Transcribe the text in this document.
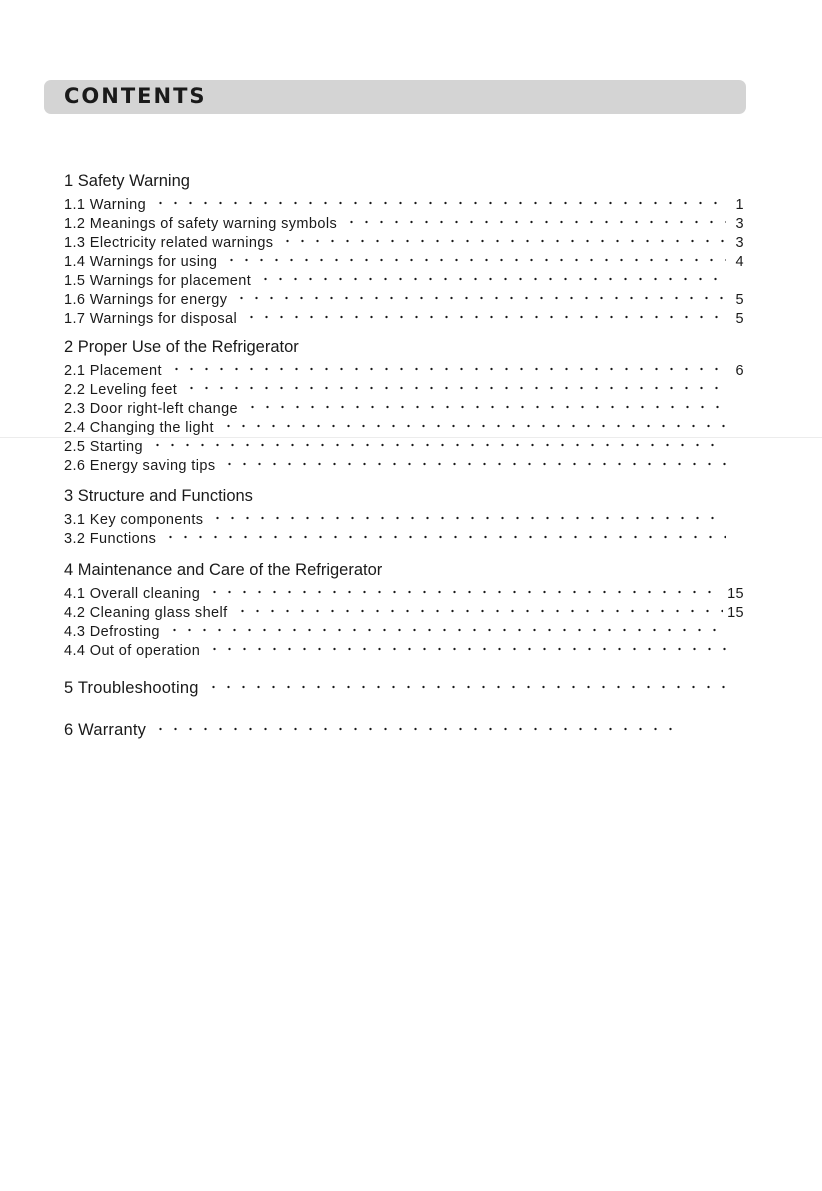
CONTENTS
1 Safety Warning
1.1 Warning	1
1.2 Meanings of safety warning symbols	3
1.3 Electricity related warnings	3
1.4 Warnings for using	4
1.5 Warnings for placement
1.6 Warnings for energy	5
1.7 Warnings for disposal	5
2 Proper Use of the Refrigerator
2.1 Placement	6
2.2 Leveling feet
2.3 Door right-left change
2.4 Changing the light
2.5 Starting
2.6 Energy saving tips
3 Structure and Functions
3.1 Key components
3.2 Functions
4 Maintenance and Care of the Refrigerator
4.1 Overall cleaning	15
4.2 Cleaning glass shelf	15
4.3 Defrosting
4.4 Out of operation
5 Troubleshooting
6 Warranty
